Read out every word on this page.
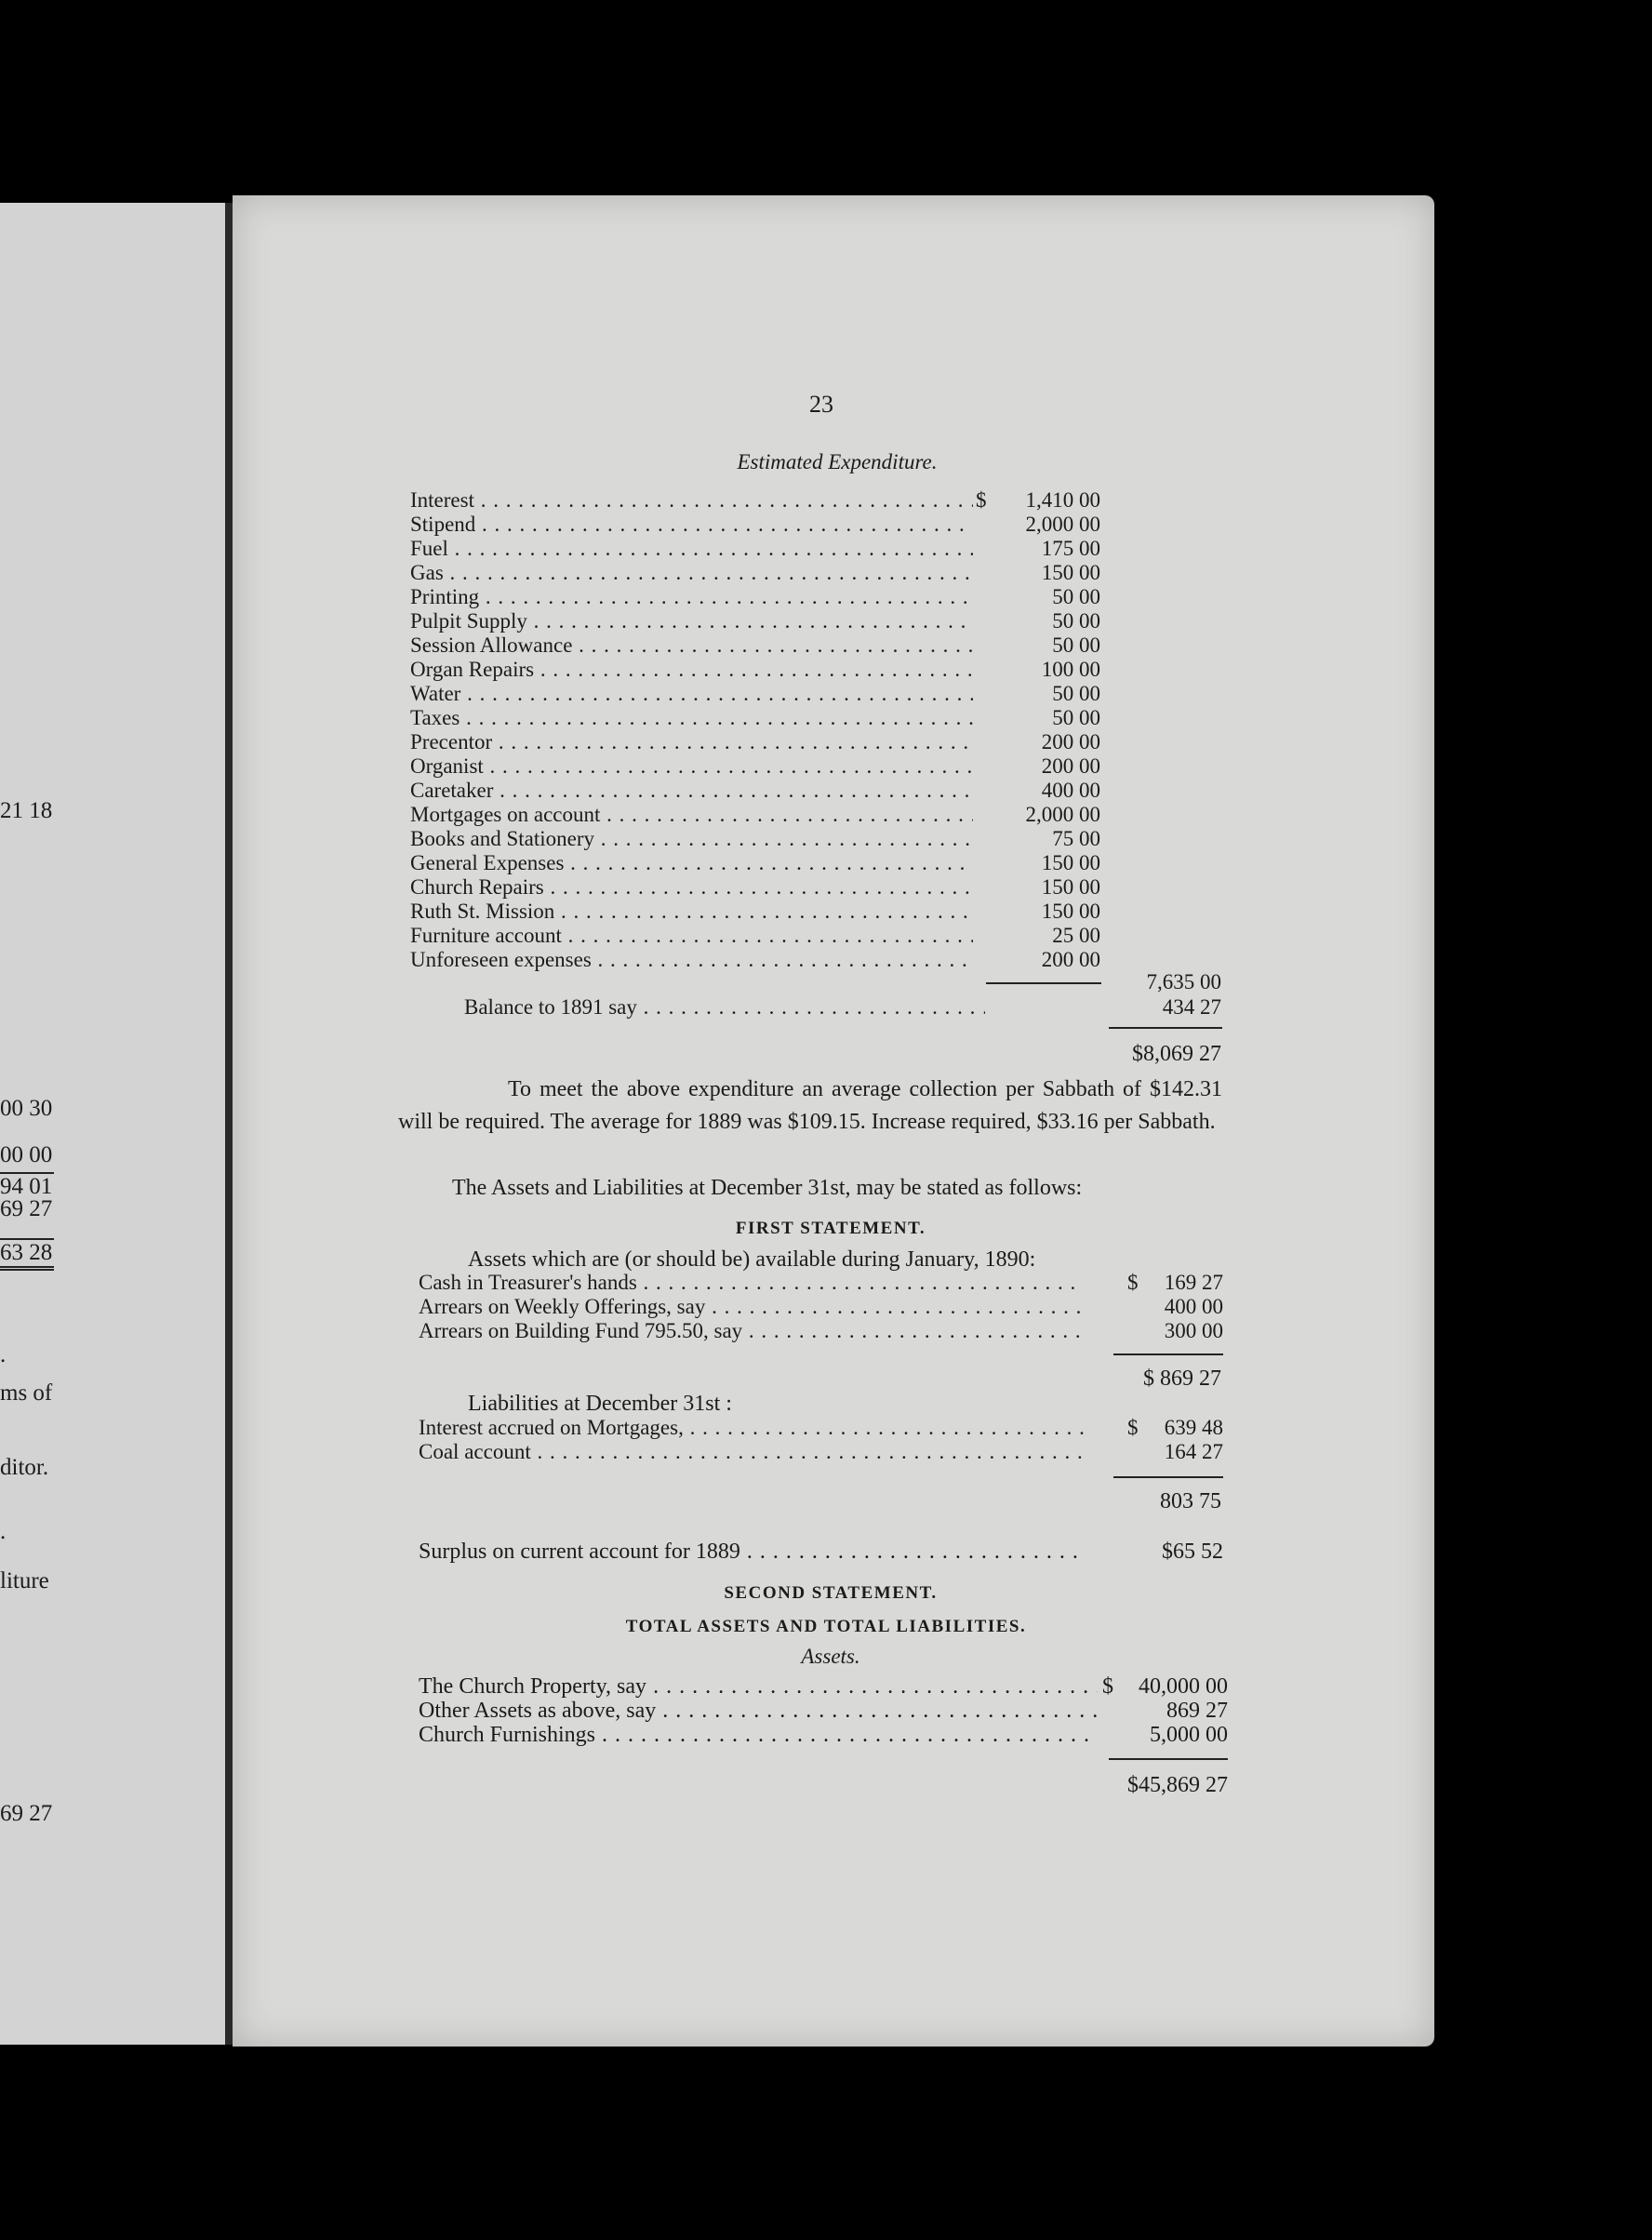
21 18
00 30
00 00
94 01
69 27
63 28
.
ms of
ditor.
.
liture
69 27
23
Estimated Expenditure.
Interest . . .	$	1,410 00
Stipend . . .	2,000 00
Fuel . . .	175 00
Gas . . .	150 00
Printing . . .	50 00
Pulpit Supply . . .	50 00
Session Allowance . . .	50 00
Organ Repairs . . .	100 00
Water . . .	50 00
Taxes . . .	50 00
Precentor . . .	200 00
Organist . . .	200 00
Caretaker . . .	400 00
Mortgages on account . . .	2,000 00
Books and Stationery . . .	75 00
General Expenses . . .	150 00
Church Repairs . . .	150 00
Ruth St. Mission . . .	150 00
Furniture account . . .	25 00
Unforeseen expenses . . .	200 00
7,635 00
Balance to 1891 say . . .	434 27
$8,069 27
To meet the above expenditure an average collection per Sabbath of $142.31 will be required. The average for 1889 was $109.15. Increase required, $33.16 per Sabbath.
The Assets and Liabilities at December 31st, may be stated as follows:
FIRST STATEMENT.
Assets which are (or should be) available during January, 1890:
Cash in Treasurer's hands . . .	$	169 27
Arrears on Weekly Offerings, say . . .	400 00
Arrears on Building Fund 795.50, say . . .	300 00
$ 869 27
Liabilities at December 31st :
Interest accrued on Mortgages, . . .	$	639 48
Coal account . . .	164 27
803 75
Surplus on current account for 1889 . . .	$65 52
SECOND STATEMENT.
TOTAL ASSETS AND TOTAL LIABILITIES.
Assets.
The Church Property, say . . .	$	40,000 00
Other Assets as above, say . . .	869 27
Church Furnishings . . .	5,000 00
$45,869 27
